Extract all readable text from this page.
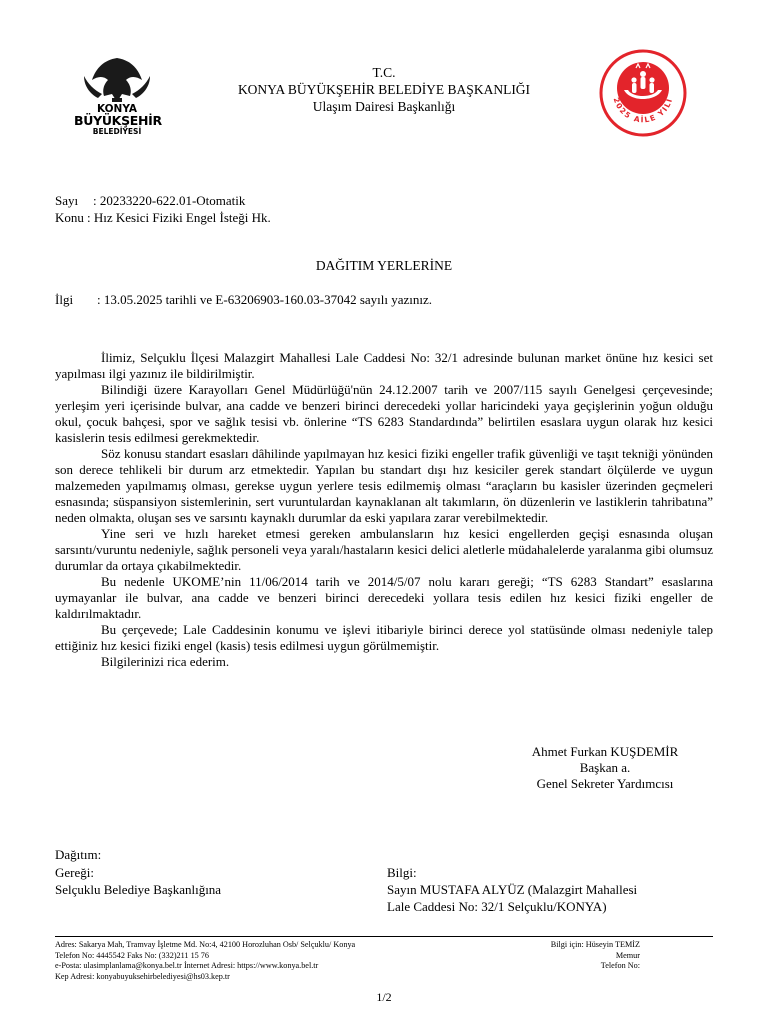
KONYA
BÜYÜKŞEHİR
BELEDİYESİ
T.C.
KONYA BÜYÜKŞEHİR BELEDİYE BAŞKANLIĞI
Ulaşım Dairesi Başkanlığı	2025 AİLE YILI
Sayı : 20233220-622.01-Otomatik
Konu : Hız Kesici Fiziki Engel İsteği Hk.
DAĞITIM YERLERİNE
İlgi : 13.05.2025 tarihli ve E-63206903-160.03-37042 sayılı yazınız.

İlimiz, Selçuklu İlçesi Malazgirt Mahallesi Lale Caddesi No: 32/1 adresinde bulunan market önüne hız kesici set yapılması ilgi yazınız ile bildirilmiştir.

Bilindiği üzere Karayolları Genel Müdürlüğü'nün 24.12.2007 tarih ve 2007/115 sayılı Genelgesi çerçevesinde; yerleşim yeri içerisinde bulvar, ana cadde ve benzeri birinci derecedeki yollar haricindeki yaya geçişlerinin yoğun olduğu okul, çocuk bahçesi, spor ve sağlık tesisi vb. önlerine “TS 6283 Standardında” belirtilen esaslara uygun olarak hız kesici kasislerin tesis edilmesi gerekmektedir.

Söz konusu standart esasları dâhilinde yapılmayan hız kesici fiziki engeller trafik güvenliği ve taşıt tekniği yönünden son derece tehlikeli bir durum arz etmektedir. Yapılan bu standart dışı hız kesiciler gerek standart ölçülerde ve uygun malzemeden yapılmamış olması, gerekse uygun yerlere tesis edilmemiş olması “araçların bu kasisler üzerinden geçmeleri esnasında; süspansiyon sistemlerinin, sert vuruntulardan kaynaklanan alt takımların, ön düzenlerin ve lastiklerin tahribatına” neden olmakta, oluşan ses ve sarsıntı kaynaklı durumlar da eski yapılara zarar verebilmektedir.

Yine seri ve hızlı hareket etmesi gereken ambulansların hız kesici engellerden geçişi esnasında oluşan sarsıntı/vuruntu nedeniyle, sağlık personeli veya yaralı/hastaların kesici delici aletlerle müdahalelerde yaralanma gibi olumsuz durumlar da ortaya çıkabilmektedir.

Bu nedenle UKOME’nin 11/06/2014 tarih ve 2014/5/07 nolu kararı gereği; “TS 6283 Standart” esaslarına uymayanlar ile bulvar, ana cadde ve benzeri birinci derecedeki yollara tesis edilen hız kesici fiziki engeller de kaldırılmaktadır.

Bu çerçevede; Lale Caddesinin konumu ve işlevi itibariyle birinci derece yol statüsünde olması nedeniyle talep ettiğiniz hız kesici fiziki engel (kasis) tesis edilmesi uygun görülmemiştir.

Bilgilerinizi rica ederim.

Ahmet Furkan KUŞDEMİR
Başkan a.
Genel Sekreter Yardımcısı
Dağıtım:
Gereği:
Selçuklu Belediye Başkanlığına
Bilgi:
Sayın MUSTAFA ALYÜZ (Malazgirt Mahallesi
Lale Caddesi No: 32/1 Selçuklu/KONYA)
Adres: Sakarya Mah, Tramvay İşletme Md. No:4, 42100 Horozluhan Osb/ Selçuklu/ Konya
Telefon No: 4445542 Faks No: (332)211 15 76
e-Posta: ulasimplanlama@konya.bel.tr İnternet Adresi: https://www.konya.bel.tr
Kep Adresi: konyabuyuksehirbelediyesi@hs03.kep.tr
Bilgi için: Hüseyin TEMİZ
Memur
Telefon No:
1/2
